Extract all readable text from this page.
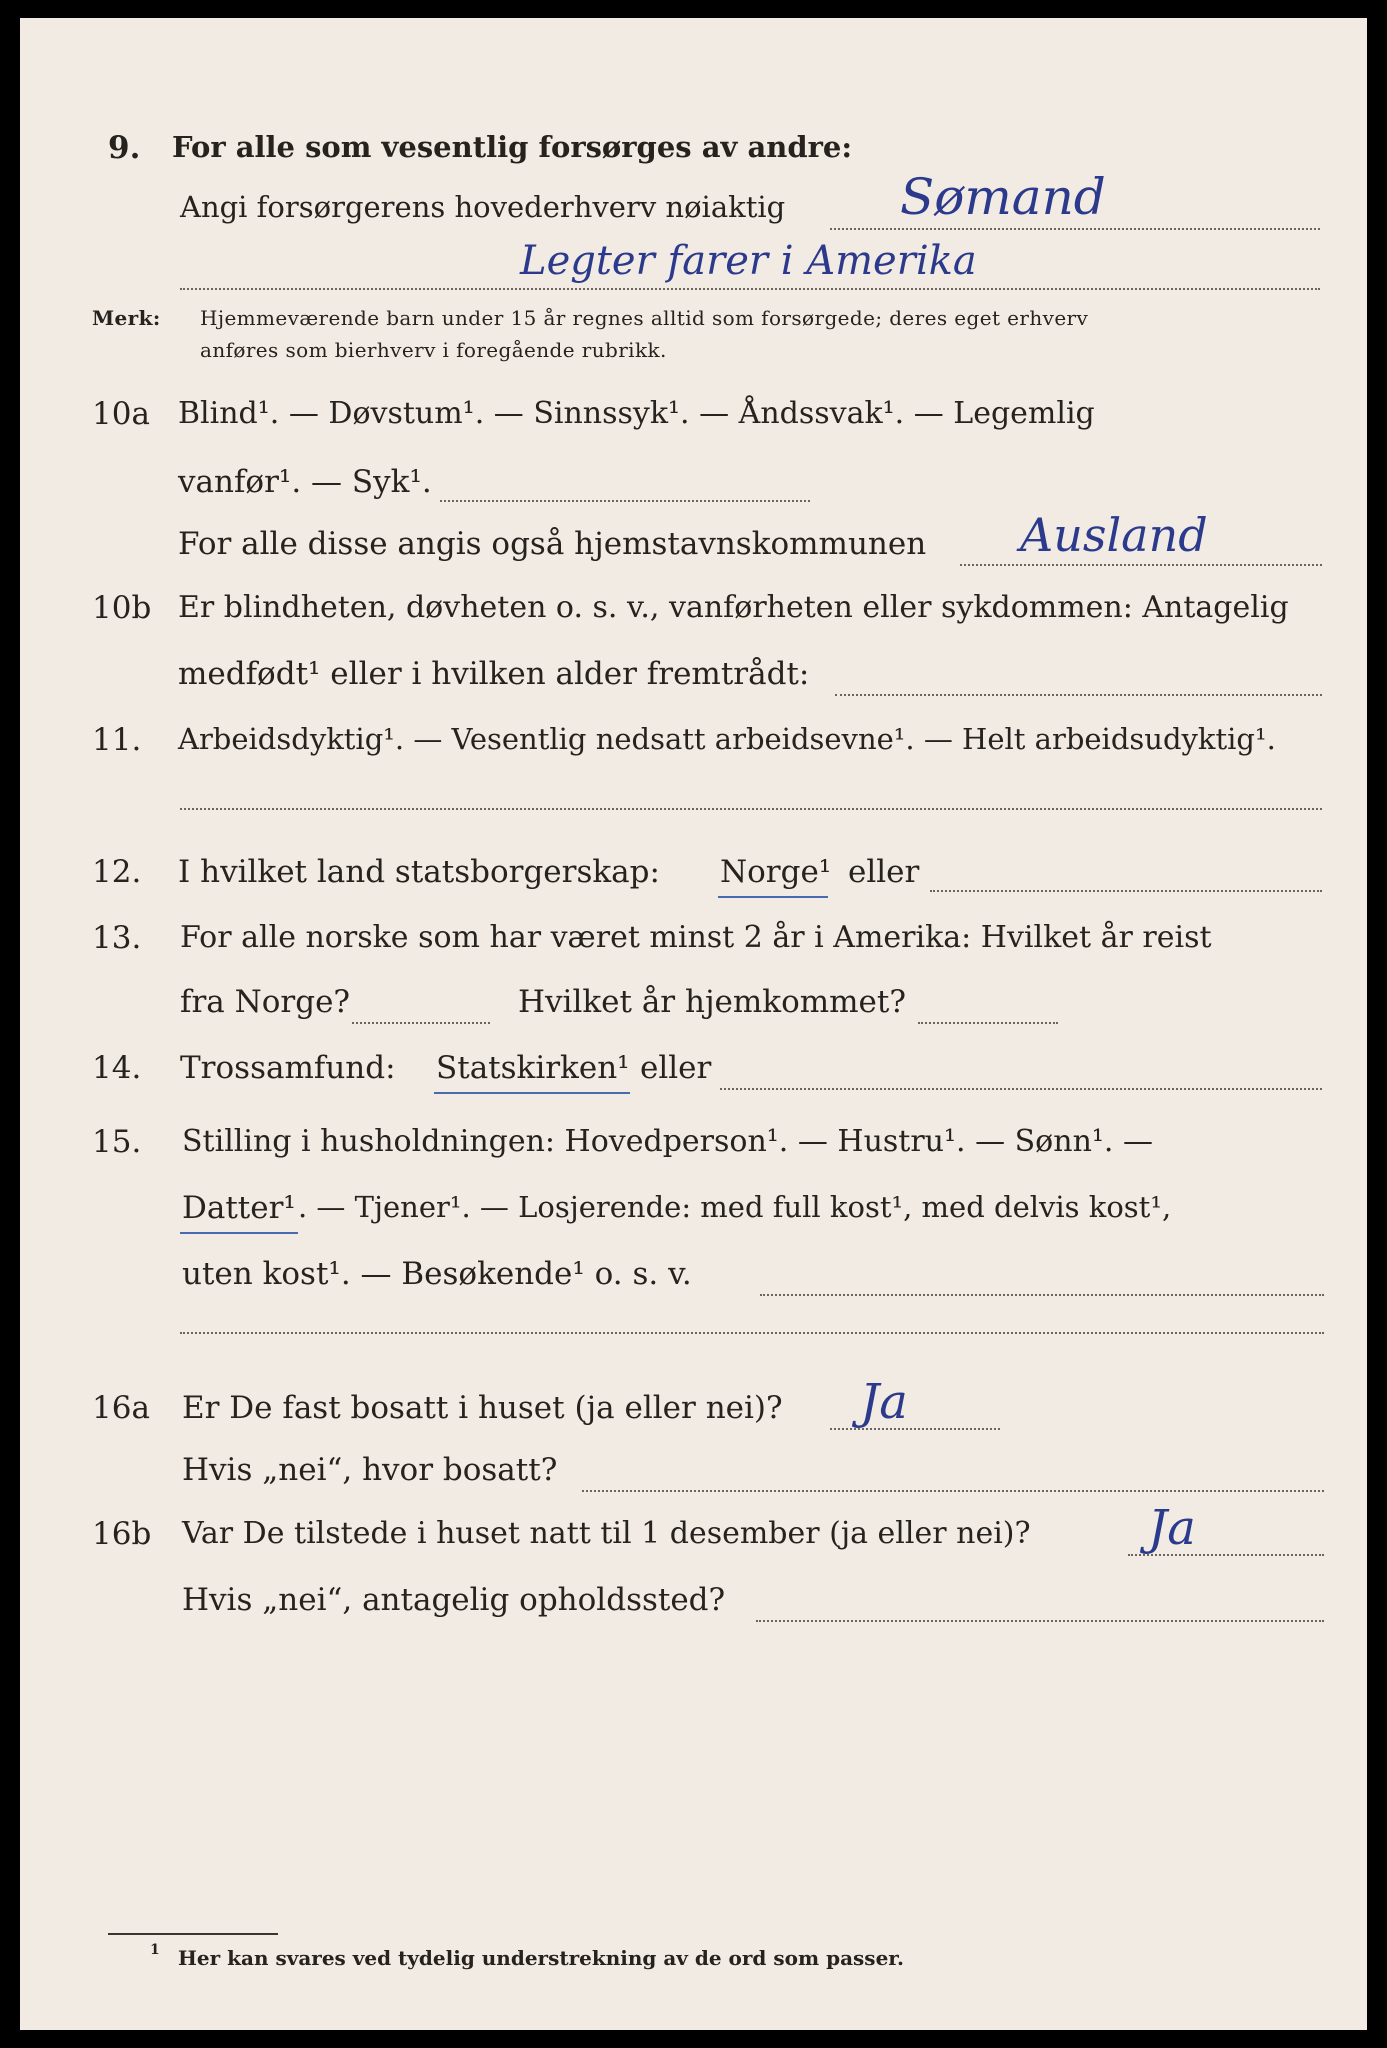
9. For alle som vesentlig forsørges av andre:
Angi forsørgerens hovederhverv nøiaktig Sømand
Legter farer i Amerika
Merk: Hjemmeværende barn under 15 år regnes alltid som forsørgede; deres eget erhverv
anføres som bierhverv i foregående rubrikk.
10a Blind¹. — Døvstum¹. — Sinnssyk¹. — Åndssvak¹. — Legemlig
vanfør¹. — Syk¹.
For alle disse angis også hjemstavnskommunen Ausland
10b Er blindheten, døvheten o. s. v., vanførheten eller sykdommen: Antagelig
medfødt¹ eller i hvilken alder fremtrådt:
11. Arbeidsdyktig¹. — Vesentlig nedsatt arbeidsevne¹. — Helt arbeidsudyktig¹.
12. I hvilket land statsborgerskap: Norge¹ eller
13. For alle norske som har været minst 2 år i Amerika: Hvilket år reist
fra Norge?	Hvilket år hjemkommet?
14. Trossamfund: Statskirken¹ eller
15. Stilling i husholdningen: Hovedperson¹. — Hustru¹. — Sønn¹. —
Datter¹ . — Tjener¹. — Losjerende: med full kost¹, med delvis kost¹,
uten kost¹. — Besøkende¹ o. s. v.
16a Er De fast bosatt i huset (ja eller nei)? Ja
Hvis „nei“, hvor bosatt?
16b Var De tilstede i huset natt til 1 desember (ja eller nei)? Ja
Hvis „nei“, antagelig opholdssted?
1 Her kan svares ved tydelig understrekning av de ord som passer.
